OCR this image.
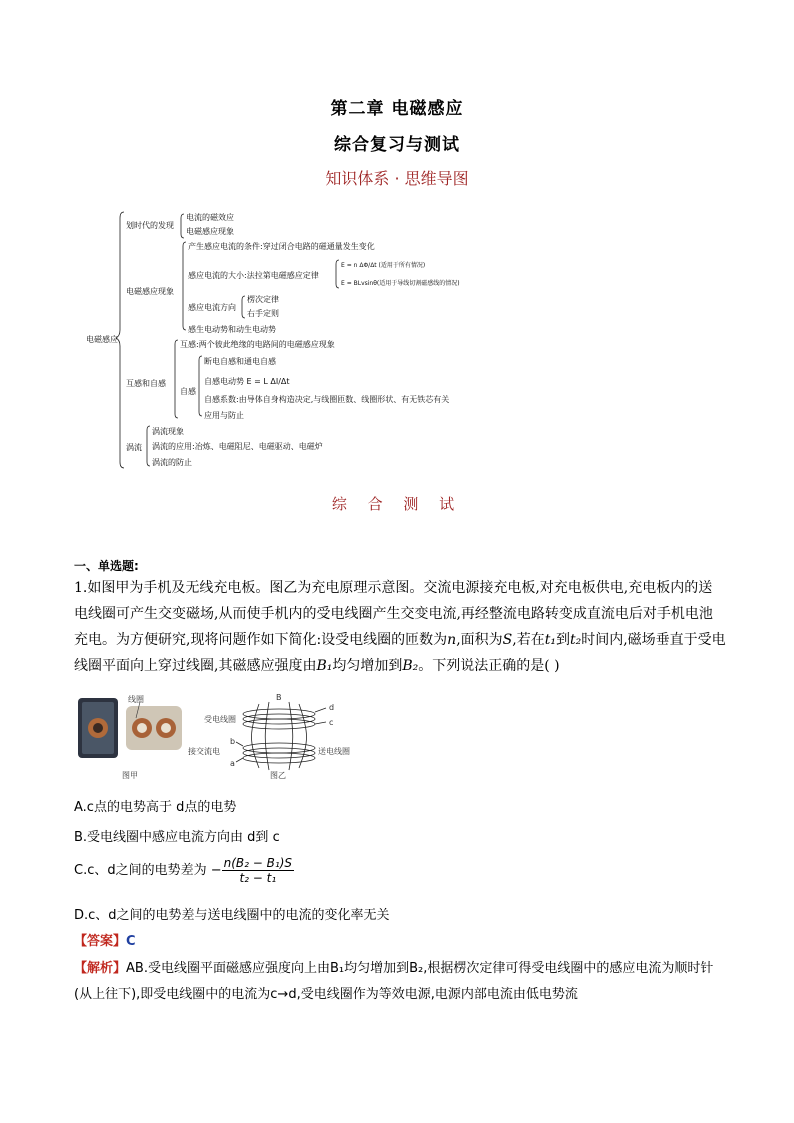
第二章 电磁感应
综合复习与测试
知识体系 · 思维导图
电磁感应
划时代的发现
电流的磁效应
电磁感应现象
电磁感应现象
产生感应电流的条件:穿过闭合电路的磁通量发生变化
感应电流的大小:法拉第电磁感应定律
E = n ΔΦ/Δt (适用于所有情况)
E = BLvsinθ(适用于导线切割磁感线的情况)
感应电流方向
楞次定律
右手定则
感生电动势和动生电动势
互感和自感
互感:两个彼此绝缘的电路间的电磁感应现象
自感
断电自感和通电自感
自感电动势 E = L ΔI/Δt
自感系数:由导体自身构造决定,与线圈匝数、线圈形状、有无铁芯有关
应用与防止
涡流
涡流现象
涡流的应用:冶炼、电磁阻尼、电磁驱动、电磁炉
涡流的防止
综 合 测 试
一、单选题:
1.如图甲为手机及无线充电板。图乙为充电原理示意图。交流电源接充电板,对充电板供电,充电板内的送电线圈可产生交变磁场,从而使手机内的受电线圈产生交变电流,再经整流电路转变成直流电后对手机电池充电。为方便研究,现将问题作如下简化:设受电线圈的匝数为n,面积为S,若在t₁到t₂时间内,磁场垂直于受电线圈平面向上穿过线圈,其磁感应强度由B₁均匀增加到B₂。下列说法正确的是( )
线圈
图甲
受电线圈
接交流电	送电线圈
B
d
c
b
a
图乙
A.c点的电势高于 d点的电势
B.受电线圈中感应电流方向由 d到 c
C.c、d之间的电势差为 − $\frac{\text{n(B₂ − B₁)S}}{\text{t₂ − t₁}}$
D.c、d之间的电势差与送电线圈中的电流的变化率无关
【答案】C
【解析】AB.受电线圈平面磁感应强度向上由B₁均匀增加到B₂,根据楞次定律可得受电线圈中的感应电流为顺时针(从上往下),即受电线圈中的电流为c→d,受电线圈作为等效电源,电源内部电流由低电势流
